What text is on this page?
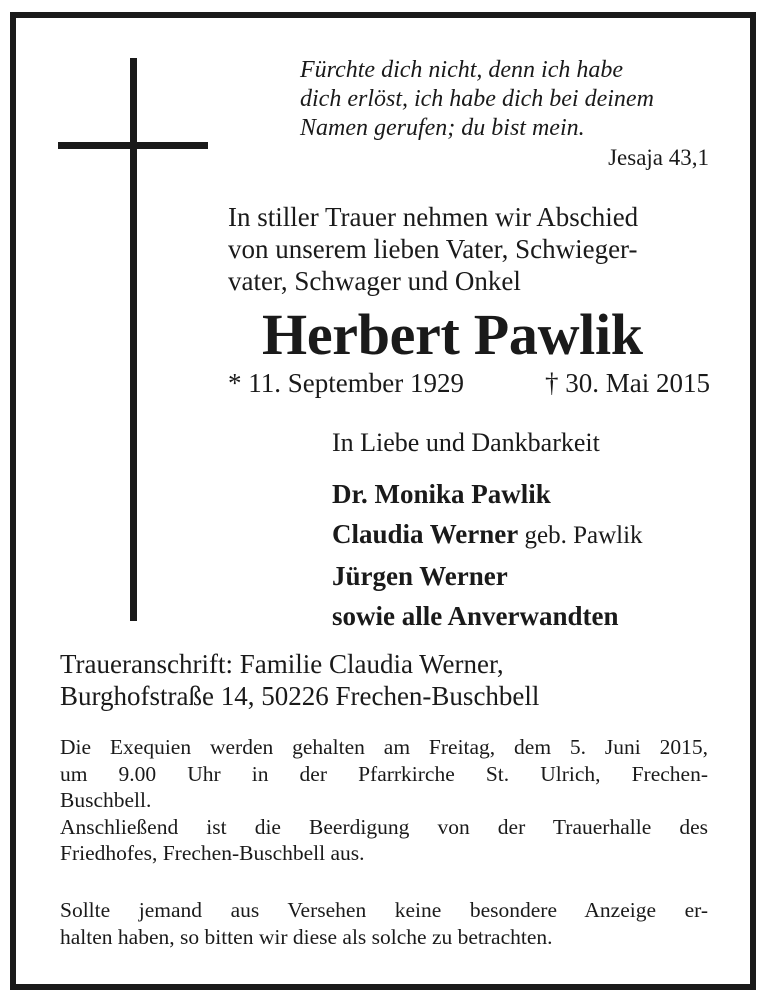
Fürchte dich nicht, denn ich habe
dich erlöst, ich habe dich bei deinem
Namen gerufen; du bist mein.
Jesaja 43,1
In stiller Trauer nehmen wir Abschied
von unserem lieben Vater, Schwieger-
vater, Schwager und Onkel
Herbert Pawlik
* 11. September 1929	† 30. Mai 2015
In Liebe und Dankbarkeit
Dr. Monika Pawlik
Claudia Werner geb. Pawlik
Jürgen Werner
sowie alle Anverwandten
Traueranschrift: Familie Claudia Werner,
Burghofstraße 14, 50226 Frechen-Buschbell
Die Exequien werden gehalten am Freitag, dem 5. Juni 2015,
um 9.00 Uhr in der Pfarrkirche St. Ulrich, Frechen-
Buschbell.
Anschließend ist die Beerdigung von der Trauerhalle des
Friedhofes, Frechen-Buschbell aus.
Sollte jemand aus Versehen keine besondere Anzeige er-
halten haben, so bitten wir diese als solche zu betrachten.
